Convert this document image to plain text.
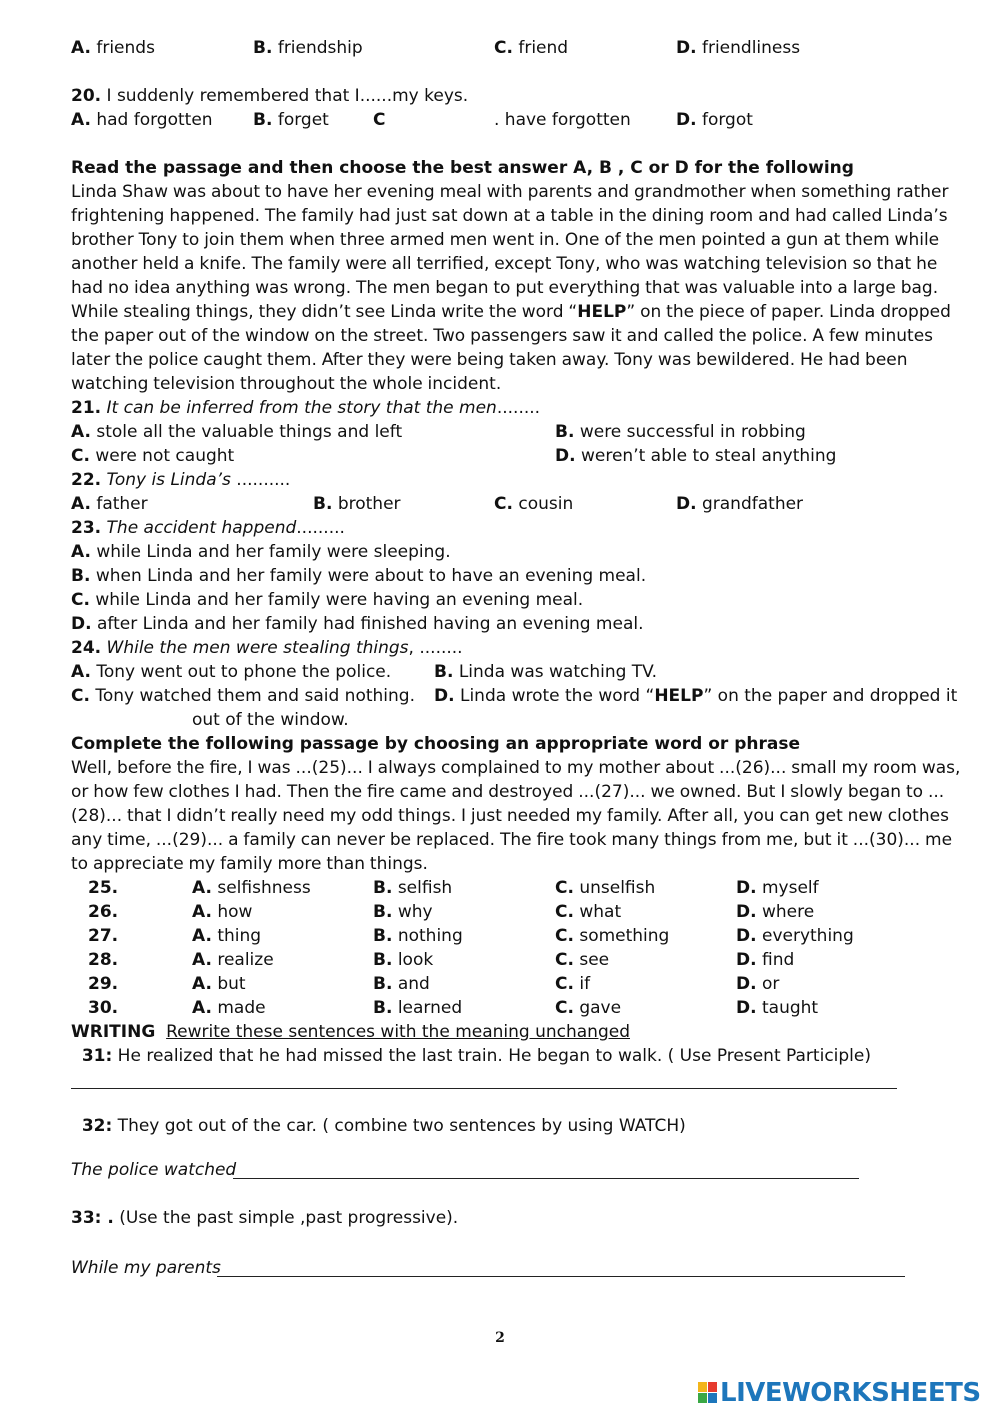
A. friends	B. friendship	C. friend	D. friendliness
20. I suddenly remembered that I......my keys.
A. had forgotten B. forget	C	. have forgotten	D. forgot
Read the passage and then choose the best answer A, B , C or D for the following
Linda Shaw was about to have her evening meal with parents and grandmother when something rather frightening happened. The family had just sat down at a table in the dining room and had called Linda’s brother Tony to join them when three armed men went in. One of the men pointed a gun at them while another held a knife. The family were all terrified, except Tony, who was watching television so that he had no idea anything was wrong. The men began to put everything that was valuable into a large bag. While stealing things, they didn’t see Linda write the word “HELP” on the piece of paper. Linda dropped the paper out of the window on the street. Two passengers saw it and called the police. A few minutes later the police caught them. After they were being taken away. Tony was bewildered. He had been watching television throughout the whole incident.
21. It can be inferred from the story that the men........
A. stole all the valuable things and left	B. were successful in robbing
C. were not caught	D. weren’t able to steal anything
22. Tony is Linda’s ..........
A. father	B. brother	C. cousin	D. grandfather
23. The accident happend.........
A. while Linda and her family were sleeping.
B. when Linda and her family were about to have an evening meal.
C. while Linda and her family were having an evening meal.
D. after Linda and her family had finished having an evening meal.
24. While the men were stealing things, ........
A. Tony went out to phone the police.	B. Linda was watching TV.
C. Tony watched them and said nothing. D. Linda wrote the word “HELP” on the paper and dropped it
out of the window.
Complete the following passage by choosing an appropriate word or phrase
Well, before the fire, I was ...(25)... I always complained to my mother about ...(26)... small my room was, or how few clothes I had. Then the fire came and destroyed ...(27)... we owned. But I slowly began to ...(28)... that I didn’t really need my odd things. I just needed my family. After all, you can get new clothes any time, ...(29)... a family can never be replaced. The fire took many things from me, but it ...(30)... me to appreciate my family more than things.
25.	A. selfishness	B. selfish	C. unselfish	D. myself
26.	A. how	B. why	C. what	D. where
27.	A. thing	B. nothing	C. something	D. everything
28.	A. realize	B. look	C. see	D. find
29.	A. but	B. and	C. if	D. or
30.	A. made	B. learned	C. gave	D. taught
WRITING Rewrite these sentences with the meaning unchanged
31: He realized that he had missed the last train. He began to walk. ( Use Present Participle)
32: They got out of the car. ( combine two sentences by using WATCH)
The police watched
33: . (Use the past simple ,past progressive).
While my parents
2
LIVEWORKSHEETS
